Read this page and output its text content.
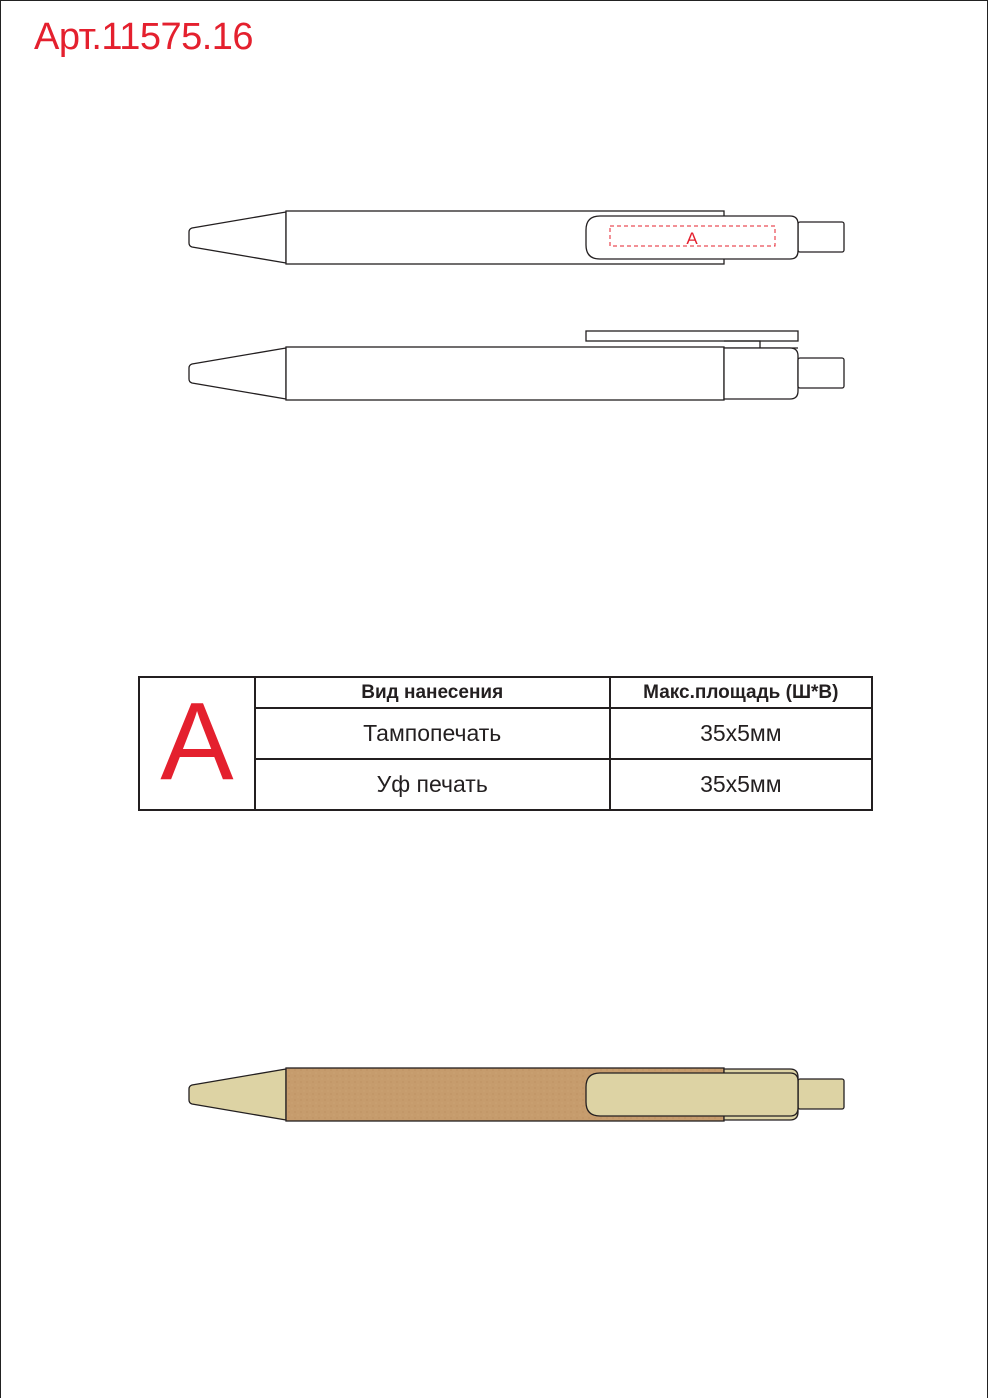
Арт.11575.16
A
A	Вид нанесения	Макс.площадь (Ш*В)
	Тампопечать	35х5мм
	Уф печать	35х5мм
